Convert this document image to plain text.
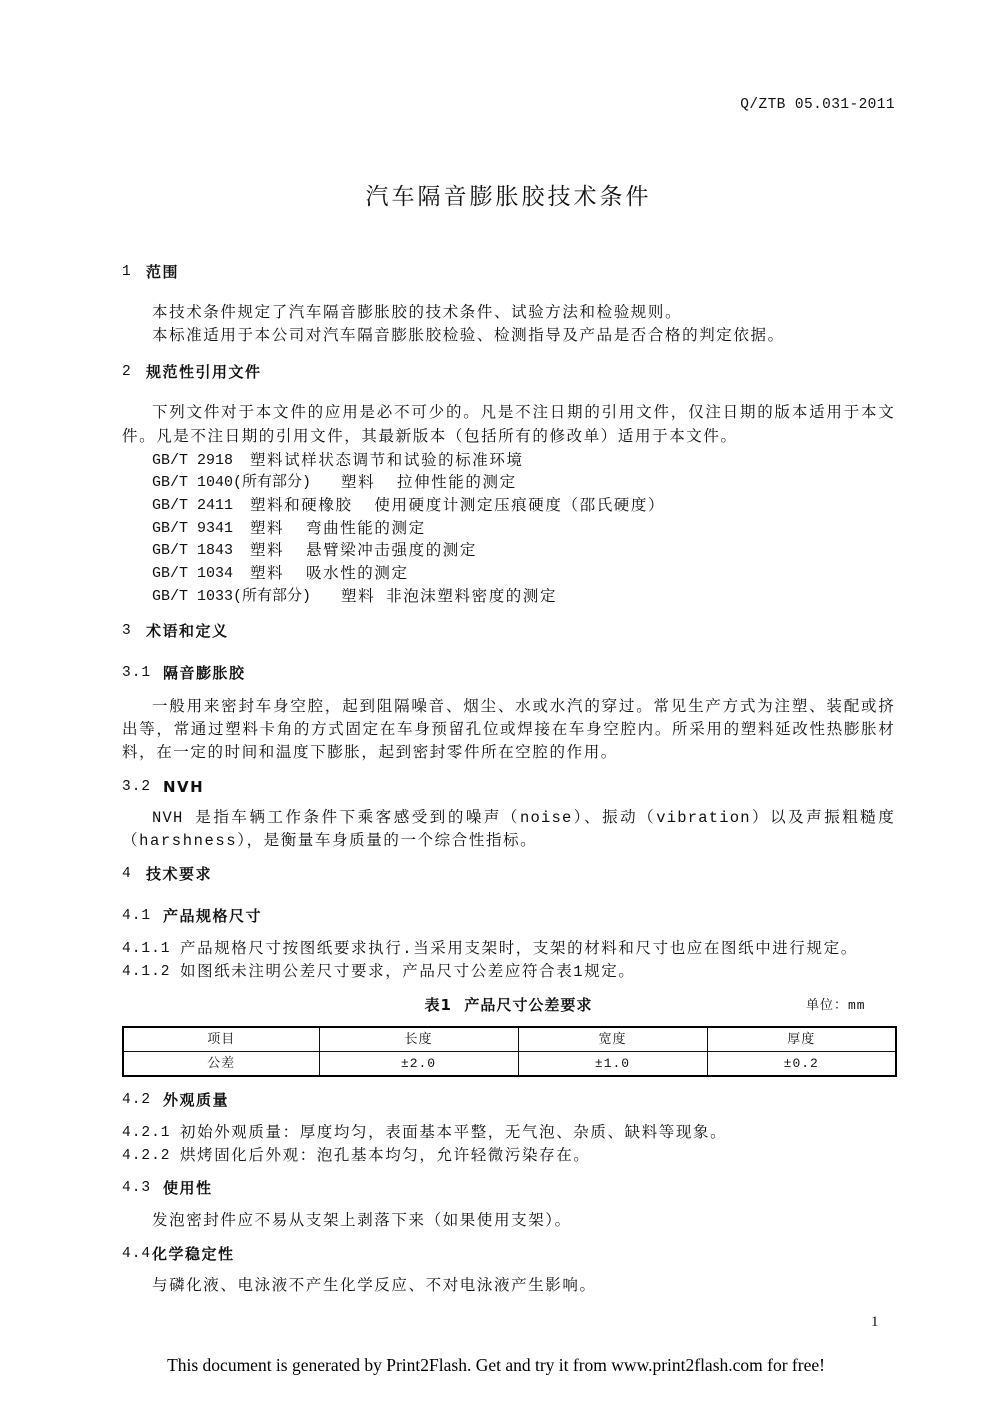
Q/ZTB 05.031-2011
汽车隔音膨胀胶技术条件
1 范围
本技术条件规定了汽车隔音膨胀胶的技术条件、试验方法和检验规则。
本标准适用于本公司对汽车隔音膨胀胶检验、检测指导及产品是否合格的判定依据。
2 规范性引用文件
下列文件对于本文件的应用是必不可少的。凡是不注日期的引用文件，仅注日期的版本适用于本文
件。凡是不注日期的引用文件，其最新版本（包括所有的修改单）适用于本文件。
GB/T 2918 塑料试样状态调节和试验的标准环境
GB/T 1040(所有部分) 塑料  拉伸性能的测定
GB/T 2411 塑料和硬橡胶  使用硬度计测定压痕硬度（邵氏硬度）
GB/T 9341 塑料  弯曲性能的测定
GB/T 1843 塑料  悬臂梁冲击强度的测定
GB/T 1034 塑料  吸水性的测定
GB/T 1033(所有部分) 塑料 非泡沫塑料密度的测定
3 术语和定义
3.1 隔音膨胀胶
一般用来密封车身空腔，起到阻隔噪音、烟尘、水或水汽的穿过。常见生产方式为注塑、装配或挤
出等，常通过塑料卡角的方式固定在车身预留孔位或焊接在车身空腔内。所采用的塑料延改性热膨胀材
料，在一定的时间和温度下膨胀，起到密封零件所在空腔的作用。
3.2 NVH
NVH 是指车辆工作条件下乘客感受到的噪声（noise）、振动（vibration）以及声振粗糙度
（harshness），是衡量车身质量的一个综合性指标。
4 技术要求
4.1 产品规格尺寸
4.1.1 产品规格尺寸按图纸要求执行.当采用支架时，支架的材料和尺寸也应在图纸中进行规定。
4.1.2 如图纸未注明公差尺寸要求，产品尺寸公差应符合表1规定。
表1  产品尺寸公差要求	单位：mm
项目	长度	宽度	厚度
公差	±2.0	±1.0	±0.2
4.2 外观质量
4.2.1 初始外观质量：厚度均匀，表面基本平整，无气泡、杂质、缺料等现象。
4.2.2 烘烤固化后外观：泡孔基本均匀，允许轻微污染存在。
4.3 使用性
发泡密封件应不易从支架上剥落下来（如果使用支架）。
4.4 化学稳定性
与磷化液、电泳液不产生化学反应、不对电泳液产生影响。
1
This document is generated by Print2Flash. Get and try it from www.print2flash.com for free!
